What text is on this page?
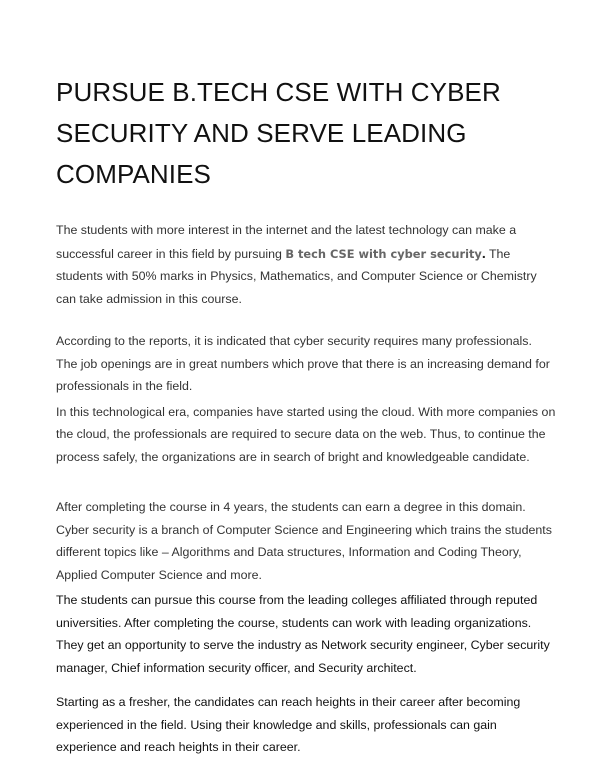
PURSUE B.TECH CSE WITH CYBER SECURITY AND SERVE LEADING COMPANIES

The students with more interest in the internet and the latest technology can make a successful career in this field by pursuing B tech CSE with cyber security. The students with 50% marks in Physics, Mathematics, and Computer Science or Chemistry can take admission in this course.

According to the reports, it is indicated that cyber security requires many professionals. The job openings are in great numbers which prove that there is an increasing demand for professionals in the field.

In this technological era, companies have started using the cloud. With more companies on the cloud, the professionals are required to secure data on the web. Thus, to continue the process safely, the organizations are in search of bright and knowledgeable candidate.

After completing the course in 4 years, the students can earn a degree in this domain. Cyber security is a branch of Computer Science and Engineering which trains the students different topics like – Algorithms and Data structures, Information and Coding Theory, Applied Computer Science and more.

The students can pursue this course from the leading colleges affiliated through reputed universities. After completing the course, students can work with leading organizations. They get an opportunity to serve the industry as Network security engineer, Cyber security manager, Chief information security officer, and Security architect.

Starting as a fresher, the candidates can reach heights in their career after becoming experienced in the field. Using their knowledge and skills, professionals can gain experience and reach heights in their career.
